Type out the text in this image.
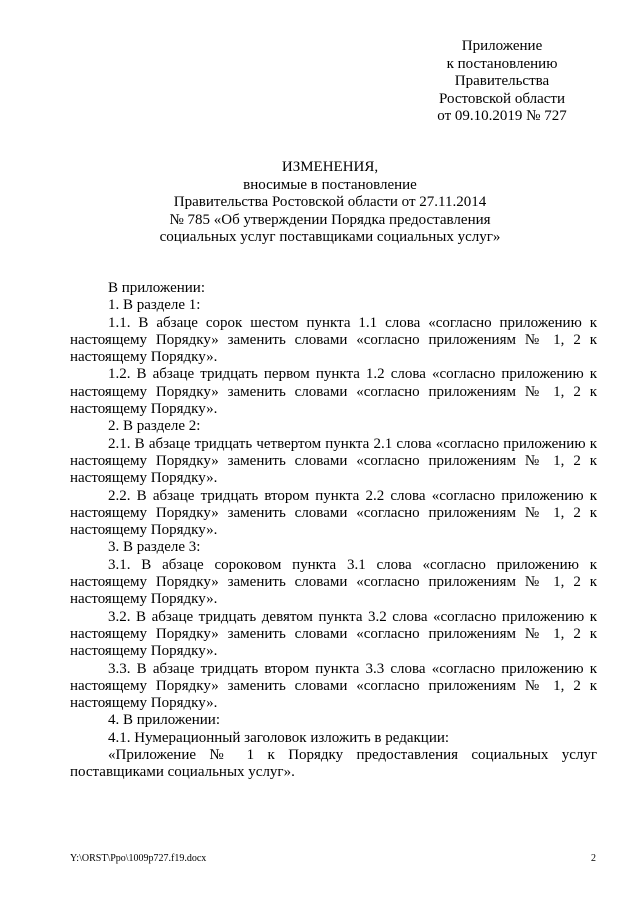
Приложение
к постановлению
Правительства
Ростовской области
от 09.10.2019 № 727
ИЗМЕНЕНИЯ,
вносимые в постановление
Правительства Ростовской области от 27.11.2014
№ 785 «Об утверждении Порядка предоставления
социальных услуг поставщиками социальных услуг»

В приложении:

1. В разделе 1:

1.1. В абзаце сорок шестом пункта 1.1 слова «согласно приложению к настоящему Порядку» заменить словами «согласно приложениям № 1, 2 к настоящему Порядку».

1.2. В абзаце тридцать первом пункта 1.2 слова «согласно приложению к настоящему Порядку» заменить словами «согласно приложениям № 1, 2 к настоящему Порядку».

2. В разделе 2:

2.1. В абзаце тридцать четвертом пункта 2.1 слова «согласно приложению к настоящему Порядку» заменить словами «согласно приложениям № 1, 2 к настоящему Порядку».

2.2. В абзаце тридцать втором пункта 2.2 слова «согласно приложению к настоящему Порядку» заменить словами «согласно приложениям № 1, 2 к настоящему Порядку».

3. В разделе 3:

3.1. В абзаце сороковом пункта 3.1 слова «согласно приложению к настоящему Порядку» заменить словами «согласно приложениям № 1, 2 к настоящему Порядку».

3.2. В абзаце тридцать девятом пункта 3.2 слова «согласно приложению к настоящему Порядку» заменить словами «согласно приложениям № 1, 2 к настоящему Порядку».

3.3. В абзаце тридцать втором пункта 3.3 слова «согласно приложению к настоящему Порядку» заменить словами «согласно приложениям № 1, 2 к настоящему Порядку».

4. В приложении:

4.1. Нумерационный заголовок изложить в редакции:

«Приложение № 1 к Порядку предоставления социальных услуг поставщиками социальных услуг».

Y:\ORST\Ppo\1009p727.f19.docx	2
